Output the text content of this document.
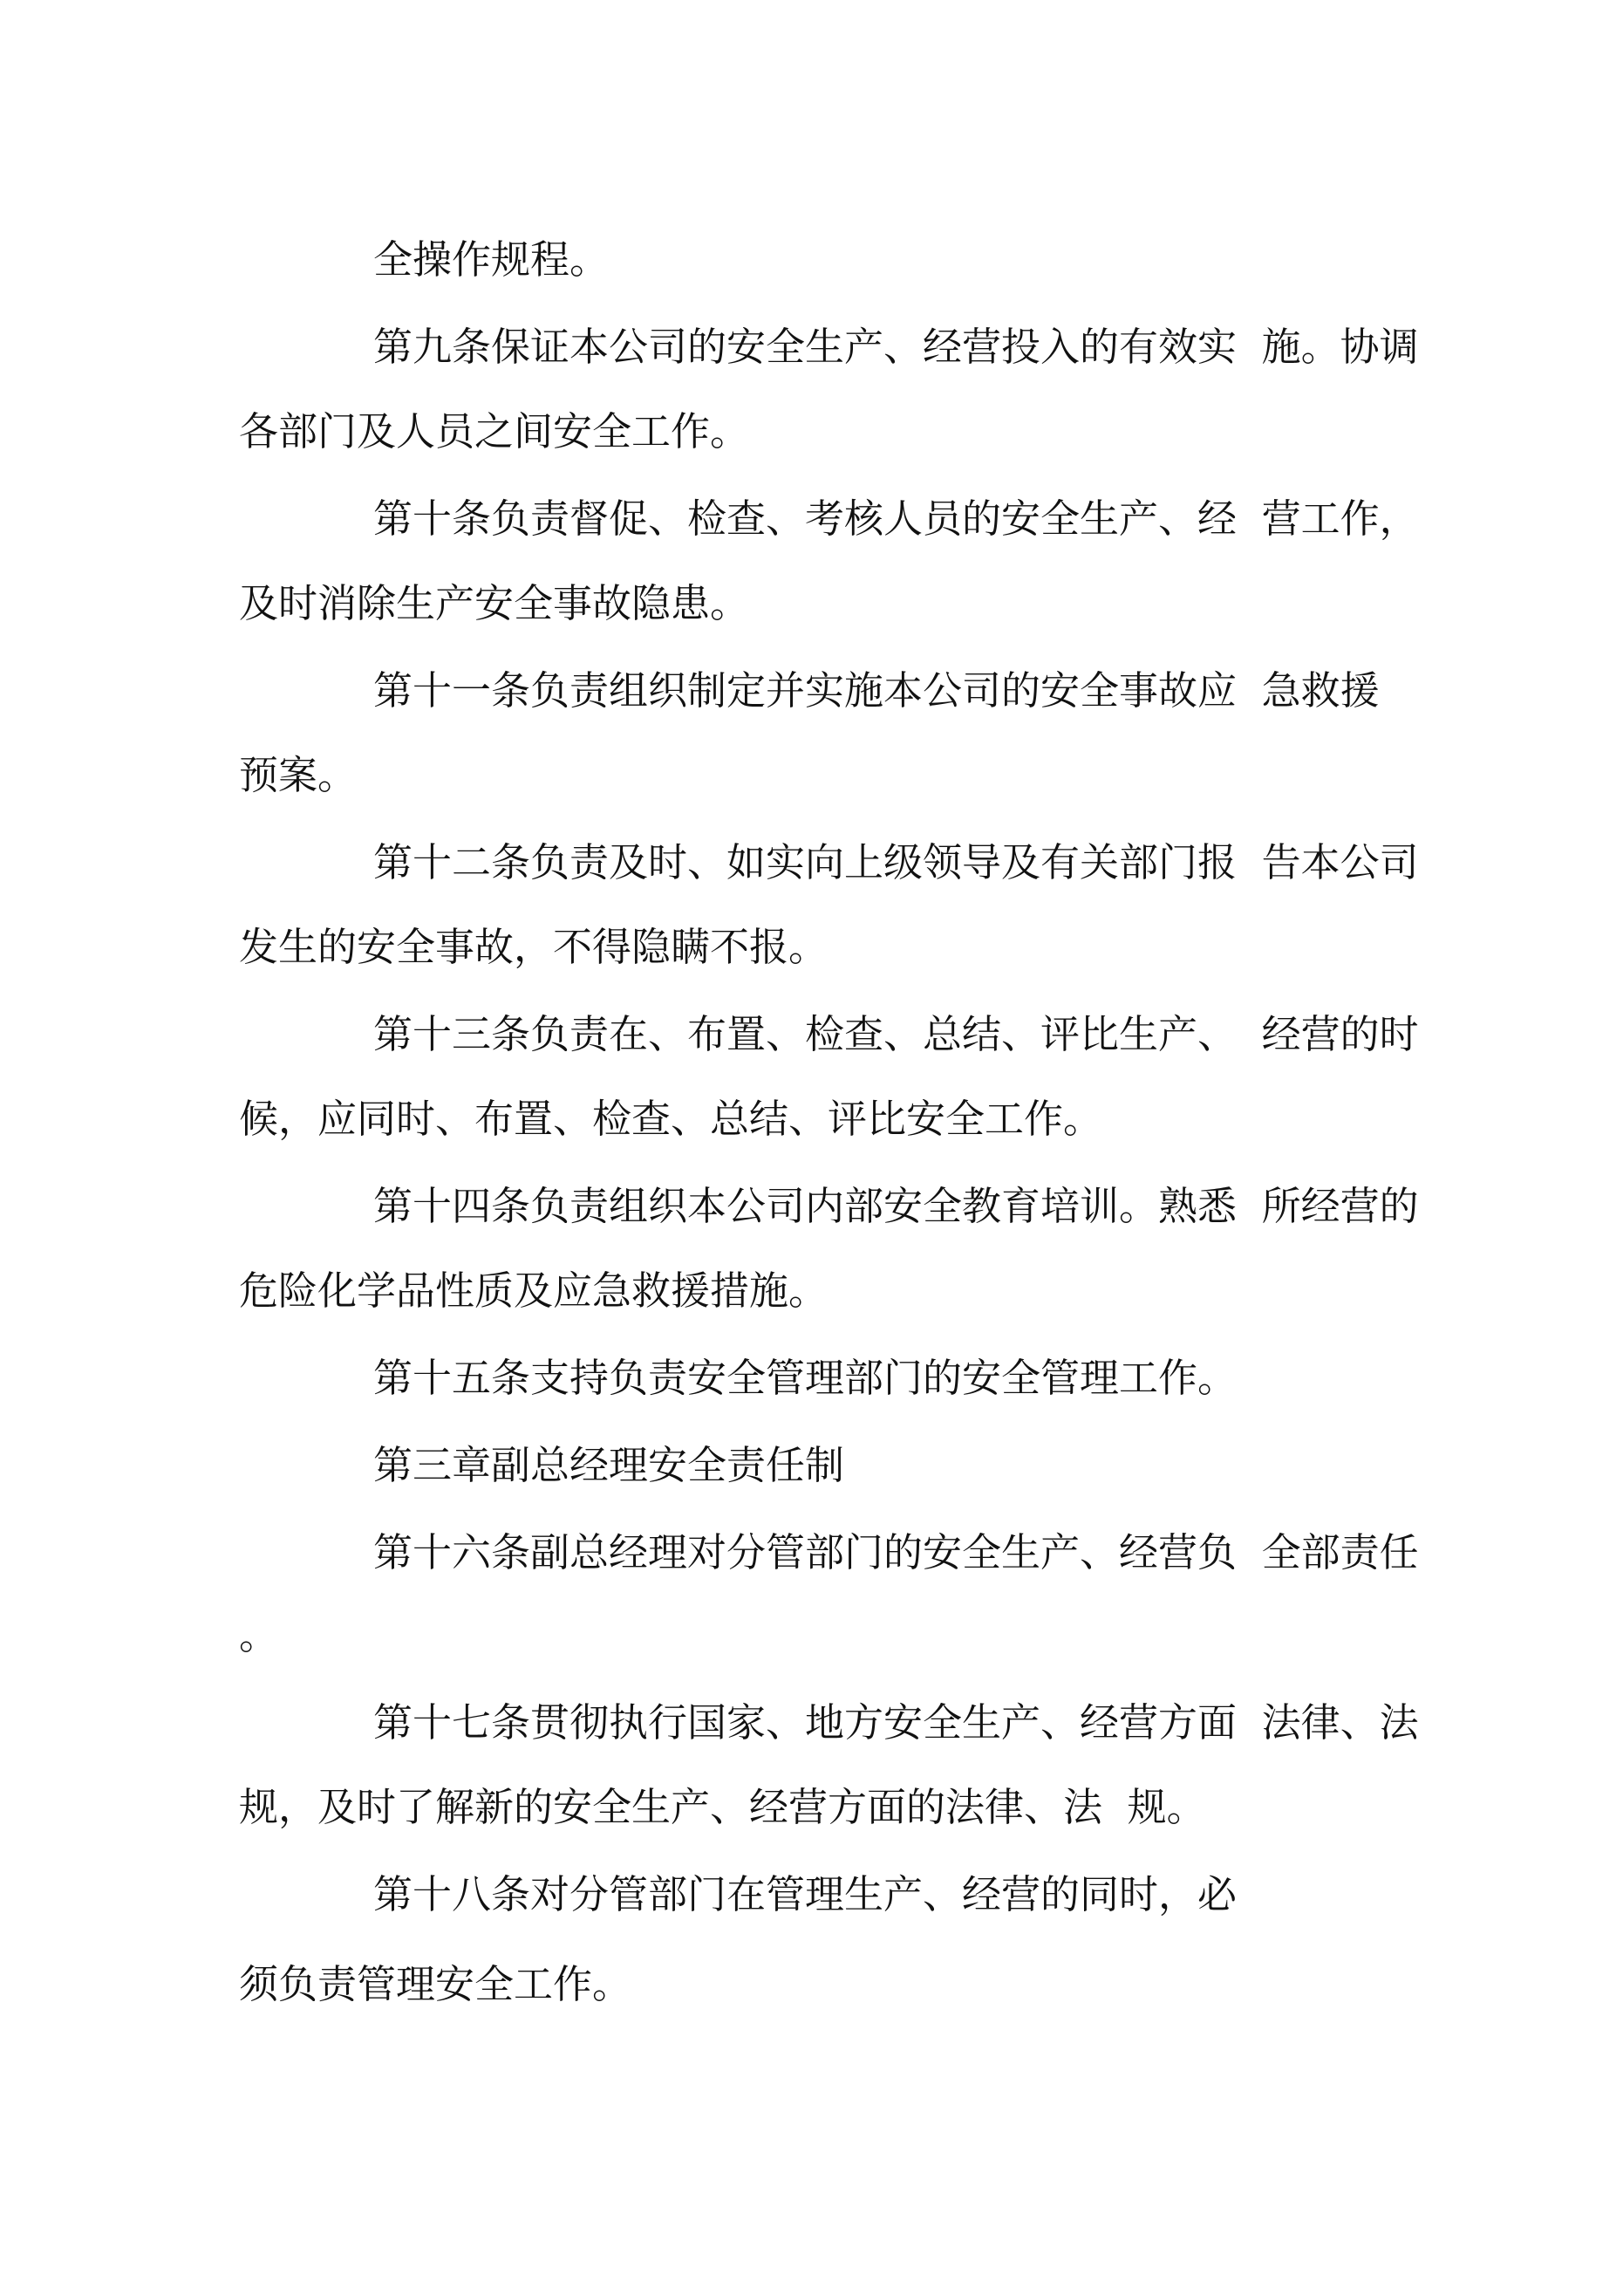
全操作规程。

第九条保证本公司的安全生产、经营投入的有效实  施。协调

各部门及人员之间安全工作。

第十条负责督促、检查、考核人员的安全生产、经  营工作，

及时消除生产安全事故隐患。

第十一条负责组织制定并实施本公司的安全事故应  急救援

预案。

第十二条负责及时、如实向上级领导及有关部门报  告本公司

发生的安全事故，不得隐瞒不报。

第十三条负责在、布置、检查、总结、评比生产、  经营的时

候，应同时、布置、检查、总结、评比安全工作。

第十四条负责组织本公司内部安全教育培训。熟悉  所经营的

危险化学品性质及应急救援措施。

第十五条支持负责安全管理部门的安全管理工作。

第三章副总经理安全责任制

第十六条副总经理对分管部门的安全生产、经营负  全部责任

。

第十七条贯彻执行国家、地方安全生产、经营方面  法律、法

规，及时了解新的安全生产、经营方面的法律、法  规。

第十八条对分管部门在管理生产、经营的同时，必

须负责管理安全工作。
